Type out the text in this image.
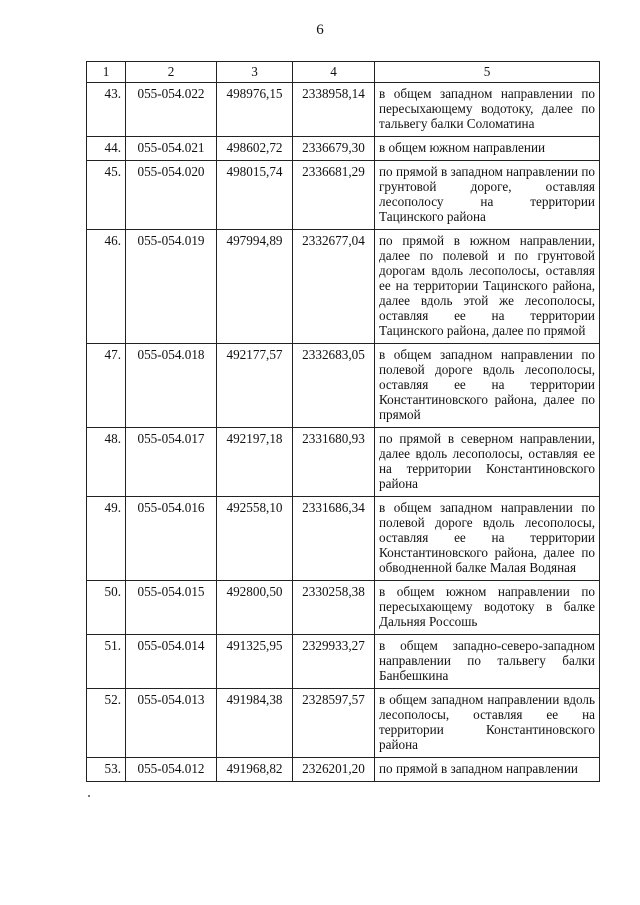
6
1	2	3	4	5
43.	055-054.022	498976,15	2338958,14	в общем западном направлении по пересыхающему водотоку, далее по тальвегу балки Соломатина
44.	055-054.021	498602,72	2336679,30	в общем южном направлении
45.	055-054.020	498015,74	2336681,29	по прямой в западном направлении по грунтовой дороге, оставляя лесополосу на территории Тацинского района
46.	055-054.019	497994,89	2332677,04	по прямой в южном направлении, далее по полевой и по грунтовой дорогам вдоль лесополосы, оставляя ее на территории Тацинского района, далее вдоль этой же лесополосы, оставляя ее на территории Тацинского района, далее по прямой
47.	055-054.018	492177,57	2332683,05	в общем западном направлении по полевой дороге вдоль лесополосы, оставляя ее на территории Константиновского района, далее по прямой
48.	055-054.017	492197,18	2331680,93	по прямой в северном направлении, далее вдоль лесополосы, оставляя ее на территории Константиновского района
49.	055-054.016	492558,10	2331686,34	в общем западном направлении по полевой дороге вдоль лесополосы, оставляя ее на территории Константиновского района, далее по обводненной балке Малая Водяная
50.	055-054.015	492800,50	2330258,38	в общем южном направлении по пересыхающему водотоку в балке Дальняя Россошь
51.	055-054.014	491325,95	2329933,27	в общем западно-северо-западном направлении по тальвегу балки Банбешкина
52.	055-054.013	491984,38	2328597,57	в общем западном направлении вдоль лесополосы, оставляя ее на территории Константиновского района
53.	055-054.012	491968,82	2326201,20	по прямой в западном направлении
